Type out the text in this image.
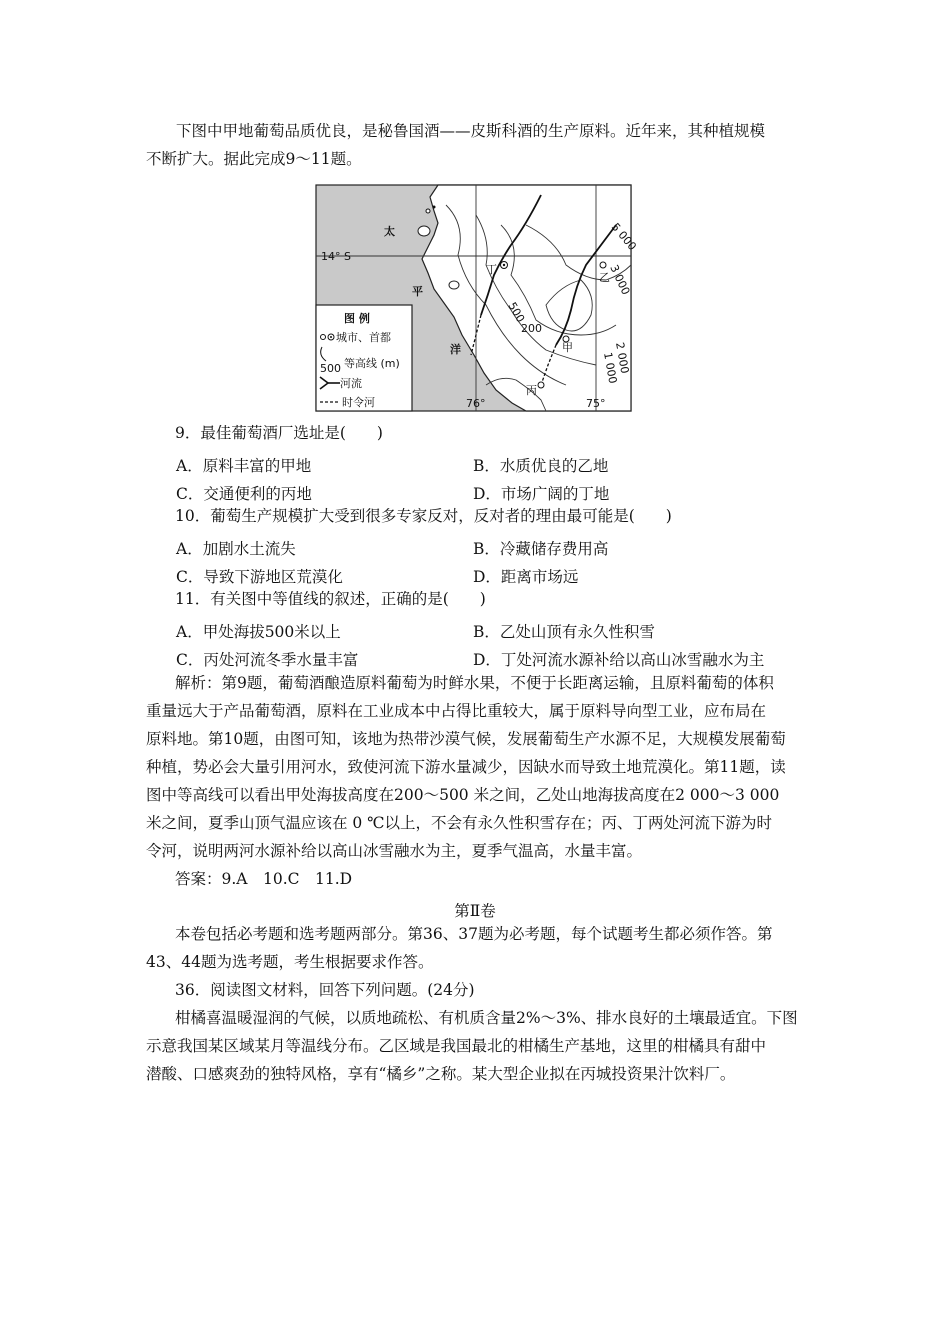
下图中甲地葡萄品质优良，是秘鲁国酒——皮斯科酒的生产原料。近年来，其种植规模
不断扩大。据此完成9～11题。
太
平
洋
14° S
76°	75°
丁
乙
甲
丙
500
200
3 000
5 000
2 000
1 000
图 例
城市、首都
500 等高线 (m)
河流
时令河
9．最佳葡萄酒厂选址是(　　)
A．原料丰富的甲地	B．水质优良的乙地
C．交通便利的丙地	D．市场广阔的丁地
10．葡萄生产规模扩大受到很多专家反对，反对者的理由最可能是(　　)
A．加剧水土流失	B．冷藏储存费用高
C．导致下游地区荒漠化	D．距离市场远
11．有关图中等值线的叙述，正确的是(　　)
A．甲处海拔500米以上	B．乙处山顶有永久性积雪
C．丙处河流冬季水量丰富	D．丁处河流水源补给以高山冰雪融水为主
解析：第9题，葡萄酒酿造原料葡萄为时鲜水果，不便于长距离运输，且原料葡萄的体积
重量远大于产品葡萄酒，原料在工业成本中占得比重较大，属于原料导向型工业，应布局在
原料地。第10题，由图可知，该地为热带沙漠气候，发展葡萄生产水源不足，大规模发展葡萄
种植，势必会大量引用河水，致使河流下游水量减少，因缺水而导致土地荒漠化。第11题，读
图中等高线可以看出甲处海拔高度在200～500 米之间，乙处山地海拔高度在2 000～3 000
米之间，夏季山顶气温应该在 0 ℃以上，不会有永久性积雪存在；丙、丁两处河流下游为时
令河，说明两河水源补给以高山冰雪融水为主，夏季气温高，水量丰富。
答案：9.A　10.C　11.D
第Ⅱ卷
本卷包括必考题和选考题两部分。第36、37题为必考题，每个试题考生都必须作答。第
43、44题为选考题，考生根据要求作答。
36．阅读图文材料，回答下列问题。(24分)
柑橘喜温暖湿润的气候，以质地疏松、有机质含量2%～3%、排水良好的土壤最适宜。下图
示意我国某区域某月等温线分布。乙区域是我国最北的柑橘生产基地，这里的柑橘具有甜中
潜酸、口感爽劲的独特风格，享有“橘乡”之称。某大型企业拟在丙城投资果汁饮料厂。
